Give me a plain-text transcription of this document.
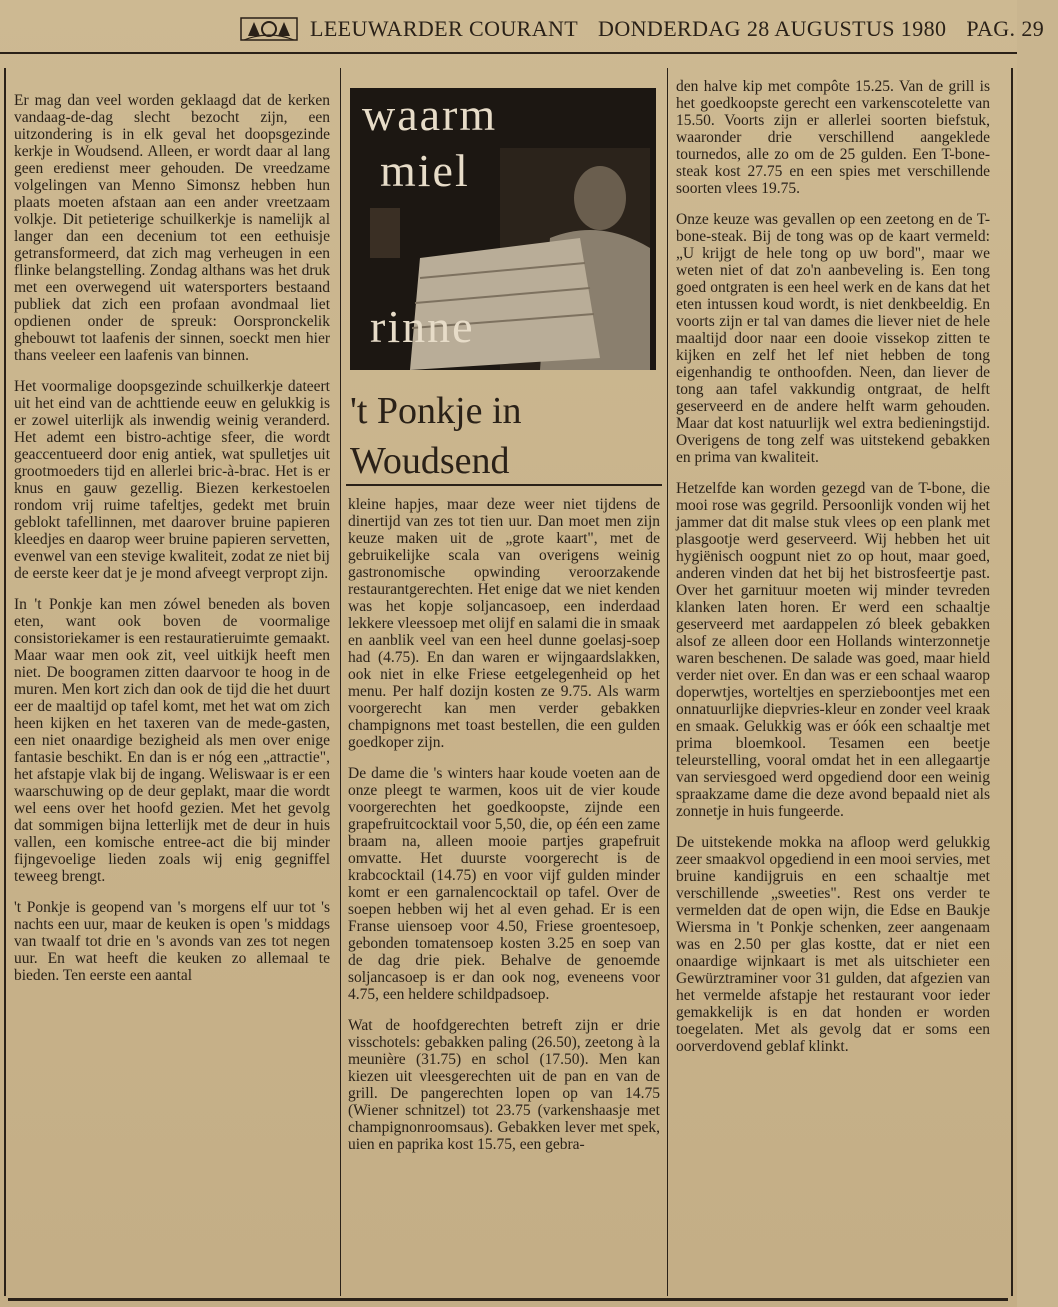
LEEUWARDER COURANT DONDERDAG 28 AUGUSTUS 1980 PAG. 29

Er mag dan veel worden geklaagd dat de kerken vandaag-de-dag slecht bezocht zijn, een uitzondering is in elk geval het doopsgezinde kerkje in Woudsend. Alleen, er wordt daar al lang geen eredienst meer gehouden. De vreedzame volgelingen van Menno Simonsz hebben hun plaats moeten afstaan aan een ander vreetzaam volkje. Dit petieterige schuilkerkje is namelijk al langer dan een decenium tot een eethuisje getransformeerd, dat zich mag verheugen in een flinke belangstelling. Zondag althans was het druk met een overwegend uit watersporters bestaand publiek dat zich een profaan avondmaal liet opdienen onder de spreuk: Oorspronckelik ghebouwt tot laafenis der sinnen, soeckt men hier thans veeleer een laafenis van binnen.

Het voormalige doopsgezinde schuilkerkje dateert uit het eind van de achttiende eeuw en gelukkig is er zowel uiterlijk als inwendig weinig veranderd. Het ademt een bistro-achtige sfeer, die wordt geaccentueerd door enig antiek, wat spulletjes uit grootmoeders tijd en allerlei bric-à-brac. Het is er knus en gauw gezellig. Biezen kerkestoelen rondom vrij ruime tafeltjes, gedekt met bruin geblokt tafellinnen, met daarover bruine papieren kleedjes en daarop weer bruine papieren servetten, evenwel van een stevige kwaliteit, zodat ze niet bij de eerste keer dat je je mond afveegt verpropt zijn.

In 't Ponkje kan men zówel beneden als boven eten, want ook boven de voormalige consistoriekamer is een restauratieruimte gemaakt. Maar waar men ook zit, veel uitkijk heeft men niet. De boogramen zitten daarvoor te hoog in de muren. Men kort zich dan ook de tijd die het duurt eer de maaltijd op tafel komt, met het wat om zich heen kijken en het taxeren van de mede-gasten, een niet onaardige bezigheid als men over enige fantasie beschikt. En dan is er nóg een „attractie", het afstapje vlak bij de ingang. Weliswaar is er een waarschuwing op de deur geplakt, maar die wordt wel eens over het hoofd gezien. Met het gevolg dat sommigen bijna letterlijk met de deur in huis vallen, een komische entree-act die bij minder fijngevoelige lieden zoals wij enig gegniffel teweeg brengt.

't Ponkje is geopend van 's morgens elf uur tot 's nachts een uur, maar de keuken is open 's middags van twaalf tot drie en 's avonds van zes tot negen uur. En wat heeft die keuken zo allemaal te bieden. Ten eerste een aantal

waarm
miel
rinne
't Ponkje in
Woudsend

kleine hapjes, maar deze weer niet tijdens de dinertijd van zes tot tien uur. Dan moet men zijn keuze maken uit de „grote kaart", met de gebruikelijke scala van overigens weinig gastronomische opwinding veroorzakende restaurantgerechten. Het enige dat we niet kenden was het kopje soljancasoep, een inderdaad lekkere vleessoep met olijf en salami die in smaak en aanblik veel van een heel dunne goelasj-soep had (4.75). En dan waren er wijngaardslakken, ook niet in elke Friese eetgelegenheid op het menu. Per half dozijn kosten ze 9.75. Als warm voorgerecht kan men verder gebakken champignons met toast bestellen, die een gulden goedkoper zijn.

De dame die 's winters haar koude voeten aan de onze pleegt te warmen, koos uit de vier koude voorgerechten het goedkoopste, zijnde een grapefruitcocktail voor 5,50, die, op één een zame braam na, alleen mooie partjes grapefruit omvatte. Het duurste voorgerecht is de krabcocktail (14.75) en voor vijf gulden minder komt er een garnalencocktail op tafel. Over de soepen hebben wij het al even gehad. Er is een Franse uiensoep voor 4.50, Friese groentesoep, gebonden tomatensoep kosten 3.25 en soep van de dag drie piek. Behalve de genoemde soljancasoep is er dan ook nog, eveneens voor 4.75, een heldere schildpadsoep.

Wat de hoofdgerechten betreft zijn er drie visschotels: gebakken paling (26.50), zeetong à la meunière (31.75) en schol (17.50). Men kan kiezen uit vleesgerechten uit de pan en van de grill. De pangerechten lopen op van 14.75 (Wiener schnitzel) tot 23.75 (varkenshaasje met champignonroomsaus). Gebakken lever met spek, uien en paprika kost 15.75, een gebra-

den halve kip met compôte 15.25. Van de grill is het goedkoopste gerecht een varkenscotelette van 15.50. Voorts zijn er allerlei soorten biefstuk, waaronder drie verschillend aangeklede tournedos, alle zo om de 25 gulden. Een T-bone-steak kost 27.75 en een spies met verschillende soorten vlees 19.75.

Onze keuze was gevallen op een zeetong en de T-bone-steak. Bij de tong was op de kaart vermeld: „U krijgt de hele tong op uw bord", maar we weten niet of dat zo'n aanbeveling is. Een tong goed ontgraten is een heel werk en de kans dat het eten intussen koud wordt, is niet denkbeeldig. En voorts zijn er tal van dames die liever niet de hele maaltijd door naar een dooie vissekop zitten te kijken en zelf het lef niet hebben de tong eigenhandig te onthoofden. Neen, dan liever de tong aan tafel vakkundig ontgraat, de helft geserveerd en de andere helft warm gehouden. Maar dat kost natuurlijk wel extra bedieningstijd. Overigens de tong zelf was uitstekend gebakken en prima van kwaliteit.

Hetzelfde kan worden gezegd van de T-bone, die mooi rose was gegrild. Persoonlijk vonden wij het jammer dat dit malse stuk vlees op een plank met plasgootje werd geserveerd. Wij hebben het uit hygiënisch oogpunt niet zo op hout, maar goed, anderen vinden dat het bij het bistrosfeertje past. Over het garnituur moeten wij minder tevreden klanken laten horen. Er werd een schaaltje geserveerd met aardappelen zó bleek gebakken alsof ze alleen door een Hollands winterzonnetje waren beschenen. De salade was goed, maar hield verder niet over. En dan was er een schaal waarop doperwtjes, worteltjes en sperzieboontjes met een onnatuurlijke diepvries-kleur en zonder veel kraak en smaak. Gelukkig was er óók een schaaltje met prima bloemkool. Tesamen een beetje teleurstelling, vooral omdat het in een allegaartje van serviesgoed werd opgediend door een weinig spraakzame dame die deze avond bepaald niet als zonnetje in huis fungeerde.

De uitstekende mokka na afloop werd gelukkig zeer smaakvol opgediend in een mooi servies, met bruine kandijgruis en een schaaltje met verschillende „sweeties". Rest ons verder te vermelden dat de open wijn, die Edse en Baukje Wiersma in 't Ponkje schenken, zeer aangenaam was en 2.50 per glas kostte, dat er niet een onaardige wijnkaart is met als uitschieter een Gewürztraminer voor 31 gulden, dat afgezien van het vermelde afstapje het restaurant voor ieder gemakkelijk is en dat honden er worden toegelaten. Met als gevolg dat er soms een oorverdovend geblaf klinkt.
